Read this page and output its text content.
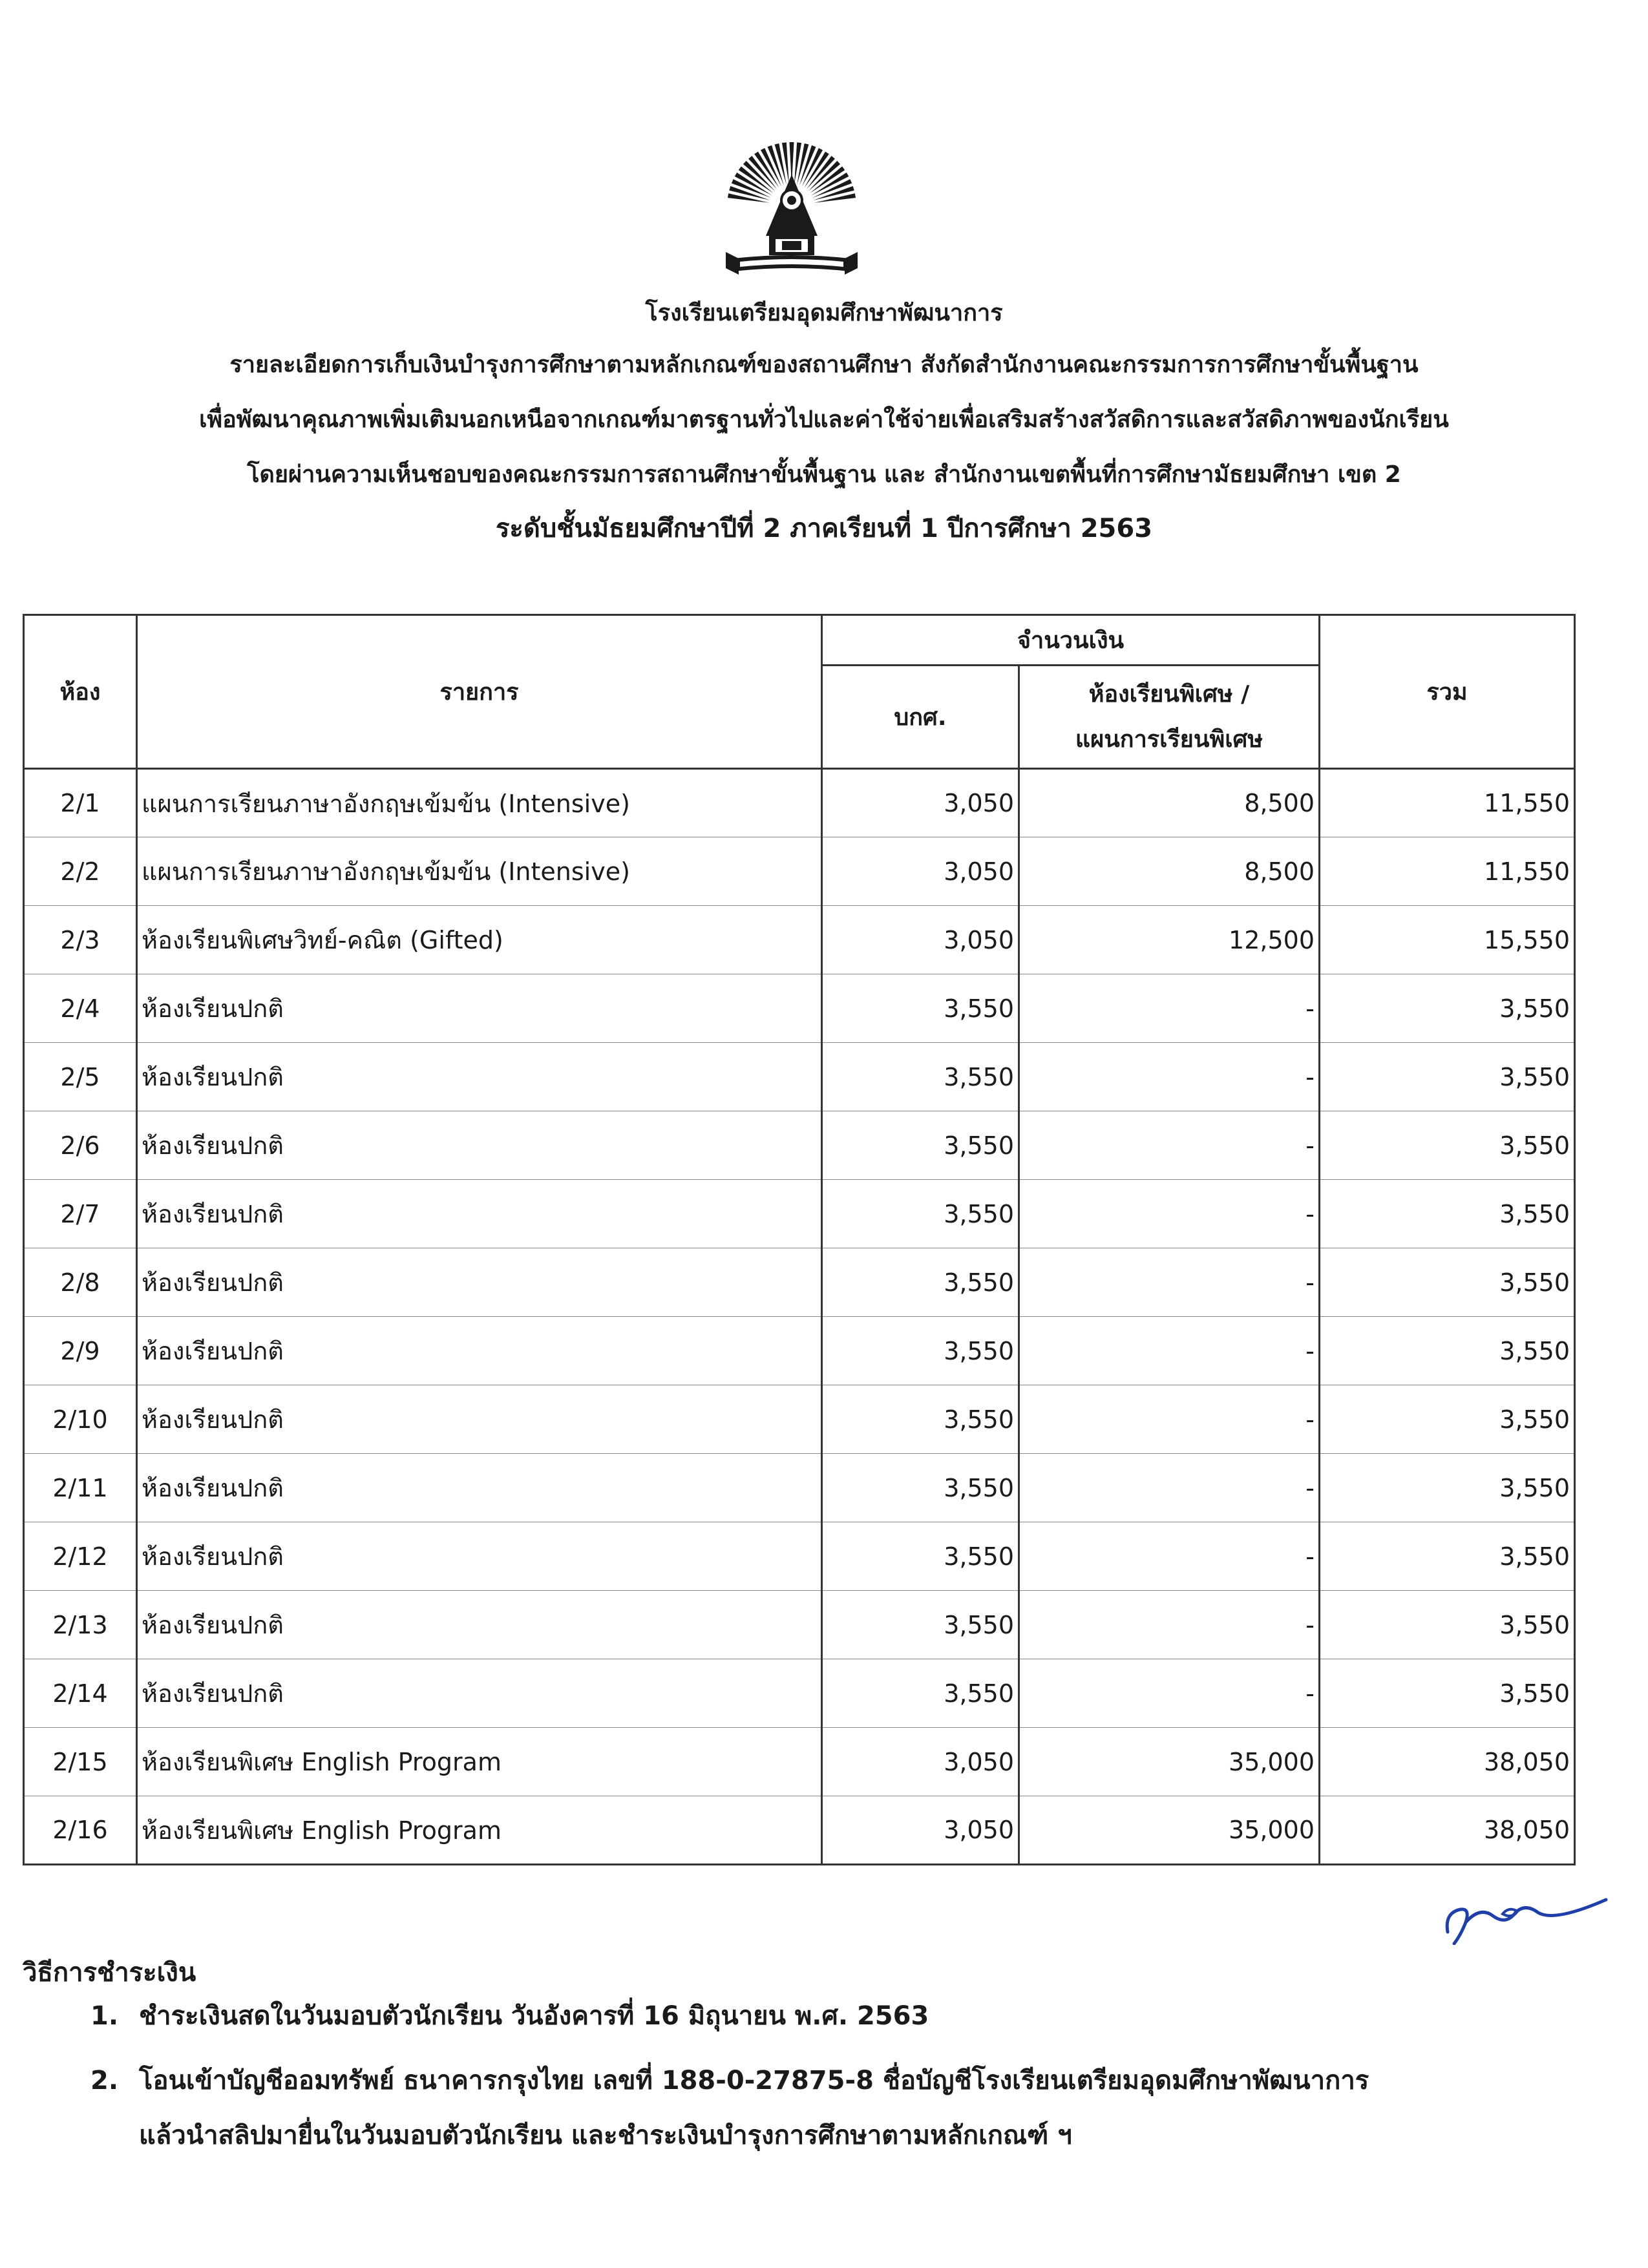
โรงเรียนเตรียมอุดมศึกษาพัฒนาการ
รายละเอียดการเก็บเงินบำรุงการศึกษาตามหลักเกณฑ์ของสถานศึกษา สังกัดสำนักงานคณะกรรมการการศึกษาขั้นพื้นฐาน
เพื่อพัฒนาคุณภาพเพิ่มเติมนอกเหนือจากเกณฑ์มาตรฐานทั่วไปและค่าใช้จ่ายเพื่อเสริมสร้างสวัสดิการและสวัสดิภาพของนักเรียน
โดยผ่านความเห็นชอบของคณะกรรมการสถานศึกษาขั้นพื้นฐาน และ สำนักงานเขตพื้นที่การศึกษามัธยมศึกษา เขต 2
ระดับชั้นมัธยมศึกษาปีที่ 2 ภาคเรียนที่ 1 ปีการศึกษา 2563
ห้อง	รายการ	จำนวนเงิน		รวม
		บกศ.	ห้องเรียนพิเศษ /
แผนการเรียนพิเศษ	

2/1	แผนการเรียนภาษาอังกฤษเข้มข้น (Intensive)	3,050	8,500	11,550
2/2	แผนการเรียนภาษาอังกฤษเข้มข้น (Intensive)	3,050	8,500	11,550
2/3	ห้องเรียนพิเศษวิทย์-คณิต (Gifted)	3,050	12,500	15,550
2/4	ห้องเรียนปกติ	3,550	-	3,550
2/5	ห้องเรียนปกติ	3,550	-	3,550
2/6	ห้องเรียนปกติ	3,550	-	3,550
2/7	ห้องเรียนปกติ	3,550	-	3,550
2/8	ห้องเรียนปกติ	3,550	-	3,550
2/9	ห้องเรียนปกติ	3,550	-	3,550
2/10	ห้องเรียนปกติ	3,550	-	3,550
2/11	ห้องเรียนปกติ	3,550	-	3,550
2/12	ห้องเรียนปกติ	3,550	-	3,550
2/13	ห้องเรียนปกติ	3,550	-	3,550
2/14	ห้องเรียนปกติ	3,550	-	3,550
2/15	ห้องเรียนพิเศษ English Program	3,050	35,000	38,050
2/16	ห้องเรียนพิเศษ English Program	3,050	35,000	38,050
วิธีการชำระเงิน
1. ชำระเงินสดในวันมอบตัวนักเรียน วันอังคารที่ 16 มิถุนายน พ.ศ. 2563
2. โอนเข้าบัญชีออมทรัพย์ ธนาคารกรุงไทย เลขที่ 188-0-27875-8 ชื่อบัญชีโรงเรียนเตรียมอุดมศึกษาพัฒนาการ
แล้วนำสลิปมายื่นในวันมอบตัวนักเรียน และชำระเงินบำรุงการศึกษาตามหลักเกณฑ์ ฯ
